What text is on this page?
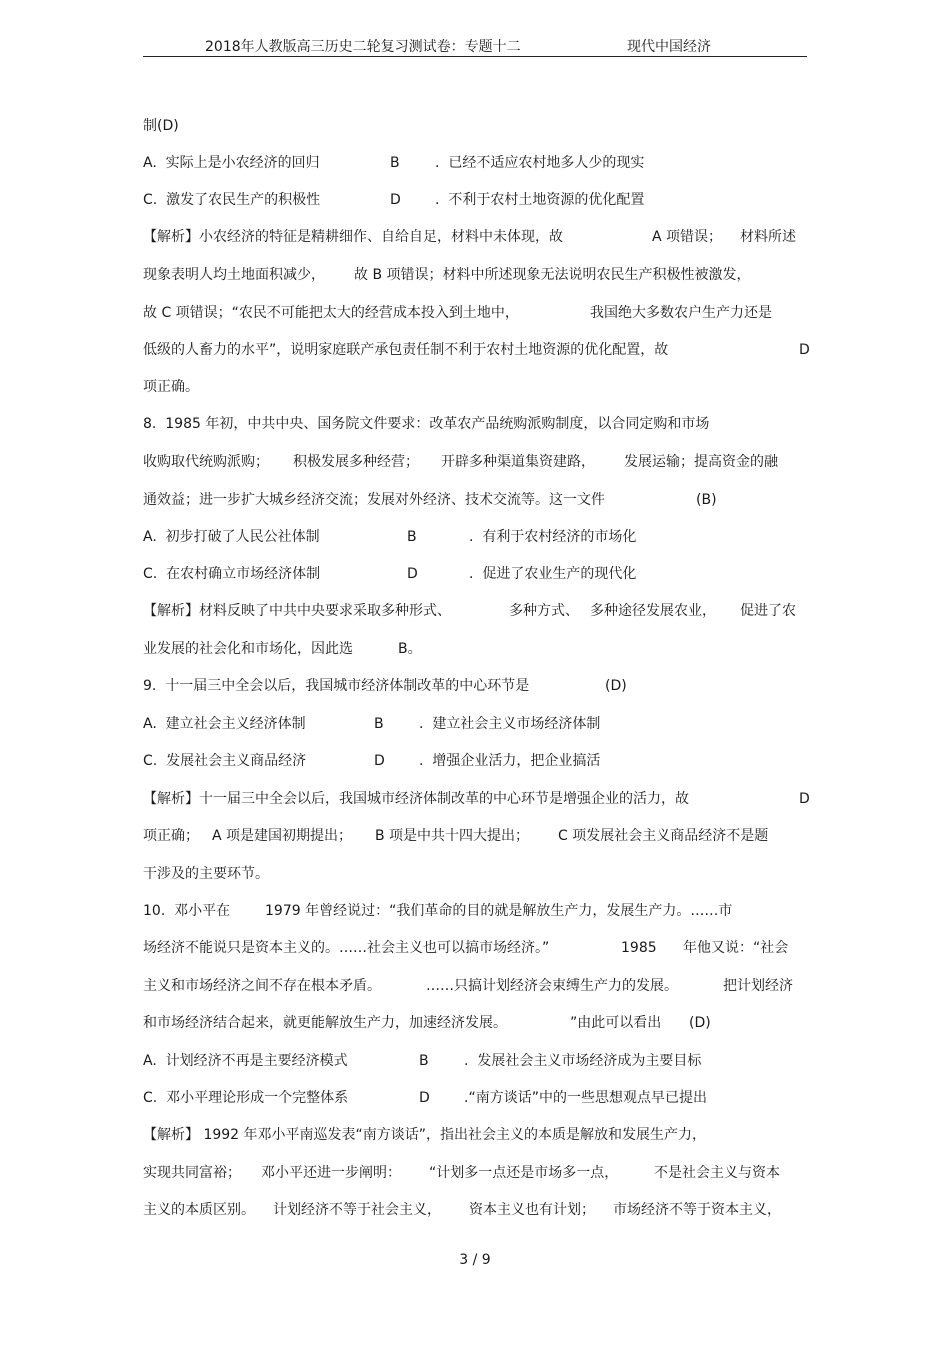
2018年人教版高三历史二轮复习测试卷：专题十二	现代中国经济
制(D)
A.  实际上是小农经济的回归	B	.  已经不适应农村地多人少的现实
C.  激发了农民生产的积极性	D .  不利于农村土地资源的优化配置
【解析】小农经济的特征是精耕细作、自给自足，材料中未体现，故	A 项错误； 材料所述
现象表明人均土地面积减少， 故 B 项错误；材料中所述现象无法说明农民生产积极性被激发，
故 C 项错误；“农民不可能把太大的经营成本投入到土地中，	我国绝大多数农户生产力还是
低级的人畜力的水平”，说明家庭联产承包责任制不利于农村土地资源的优化配置，故	D
项正确。
8.  1985 年初，中共中央、国务院文件要求：改革农产品统购派购制度，以合同定购和市场
收购取代统购派购； 积极发展多种经营； 开辟多种渠道集资建路， 发展运输；提高资金的融
通效益；进一步扩大城乡经济交流；发展对外经济、技术交流等。这一文件	(B)
A.  初步打破了人民公社体制	B	.  有利于农村经济的市场化
C.  在农村确立市场经济体制	D	.  促进了农业生产的现代化
【解析】材料反映了中共中央要求采取多种形式、	多种方式、 多种途径发展农业， 促进了农
业发展的社会化和市场化，因此选	B。
9.  十一届三中全会以后，我国城市经济体制改革的中心环节是	(D)
A.  建立社会主义经济体制	B	.  建立社会主义市场经济体制
C.  发展社会主义商品经济	D .  增强企业活力，把企业搞活
【解析】十一届三中全会以后，我国城市经济体制改革的中心环节是增强企业的活力，故	D
项正确； A 项是建国初期提出； B 项是中共十四大提出； C 项发展社会主义商品经济不是题
干涉及的主要环节。
10.  邓小平在 1979 年曾经说过：“我们革命的目的就是解放生产力，发展生产力。……市
场经济不能说只是资本主义的。……社会主义也可以搞市场经济。”	1985 年他又说：“社会
主义和市场经济之间不存在根本矛盾。	……只搞计划经济会束缚生产力的发展。	把计划经济
和市场经济结合起来，就更能解放生产力，加速经济发展。	”由此可以看出 (D)
A.  计划经济不再是主要经济模式	B	.  发展社会主义市场经济成为主要目标
C.  邓小平理论形成一个完整体系	D .“南方谈话”中的一些思想观点早已提出
【解析】 1992 年邓小平南巡发表“南方谈话”，指出社会主义的本质是解放和发展生产力，
实现共同富裕； 邓小平还进一步阐明： “计划多一点还是市场多一点，	不是社会主义与资本
主义的本质区别。 计划经济不等于社会主义， 资本主义也有计划； 市场经济不等于资本主义，
3 / 9
